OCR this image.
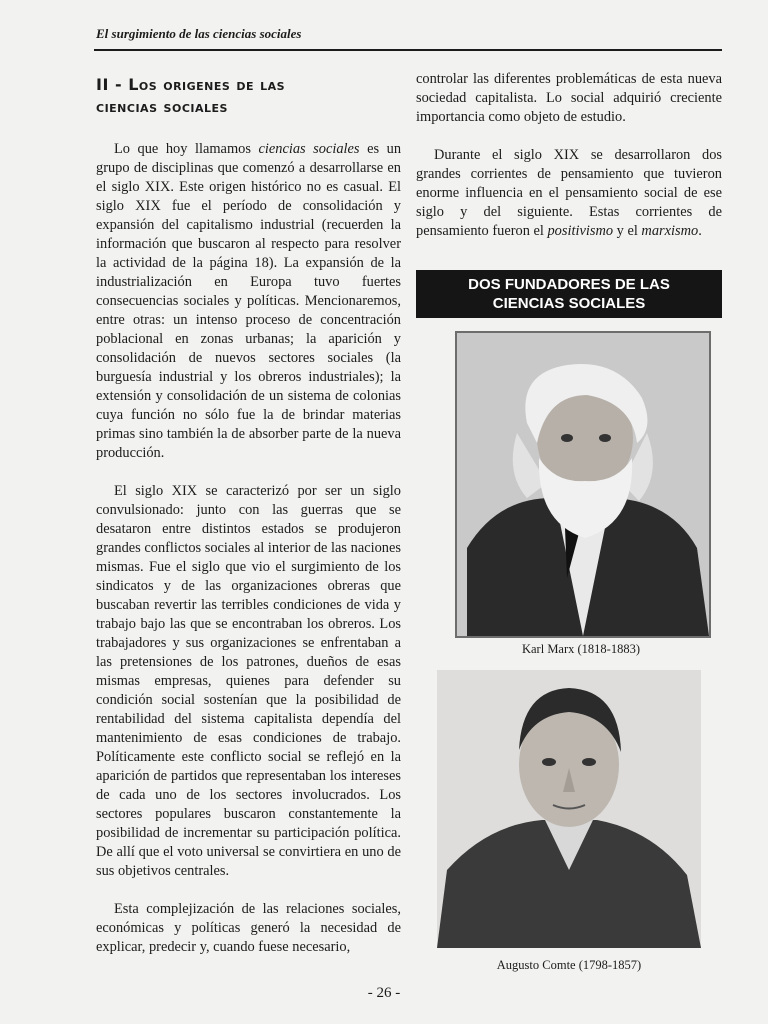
El surgimiento de las ciencias sociales
II - Los origenes de las
ciencias sociales

Lo que hoy llamamos ciencias sociales es un grupo de disciplinas que comenzó a desarrollarse en el siglo XIX. Este origen histórico no es casual. El siglo XIX fue el período de consolidación y expansión del capitalismo industrial (recuerden la información que buscaron al respecto para resolver la actividad de la página 18). La expansión de la industrialización en Europa tuvo fuertes consecuencias sociales y políticas. Mencionaremos, entre otras: un intenso proceso de concentración poblacional en zonas urbanas; la aparición y consolidación de nuevos sectores sociales (la burguesía industrial y los obreros industriales); la extensión y consolidación de un sistema de colonias cuya función no sólo fue la de brindar materias primas sino también la de absorber parte de la nueva producción.

El siglo XIX se caracterizó por ser un siglo convulsionado: junto con las guerras que se desataron entre distintos estados se produjeron grandes conflictos sociales al interior de las naciones mismas. Fue el siglo que vio el surgimiento de los sindicatos y de las organizaciones obreras que buscaban revertir las terribles condiciones de vida y trabajo bajo las que se encontraban los obreros. Los trabajadores y sus organizaciones se enfrentaban a las pretensiones de los patrones, dueños de esas mismas empresas, quienes para defender su condición social sostenían que la posibilidad de rentabilidad del sistema capitalista dependía del mantenimiento de esas condiciones de trabajo. Políticamente este conflicto social se reflejó en la aparición de partidos que representaban los intereses de cada uno de los sectores involucrados. Los sectores populares buscaron constantemente la posibilidad de incrementar su participación política. De allí que el voto universal se convirtiera en uno de sus objetivos centrales.

Esta complejización de las relaciones sociales, económicas y políticas generó la necesidad de explicar, predecir y, cuando fuese necesario,

controlar las diferentes problemáticas de esta nueva sociedad capitalista. Lo social adquirió creciente importancia como objeto de estudio.

Durante el siglo XIX se desarrollaron dos grandes corrientes de pensamiento que tuvieron enorme influencia en el pensamiento social de ese siglo y del siguiente. Estas corrientes de pensamiento fueron el positivismo y el marxismo.

DOS FUNDADORES DE LAS
CIENCIAS SOCIALES
Karl Marx (1818-1883)
Augusto Comte (1798-1857)
- 26 -
